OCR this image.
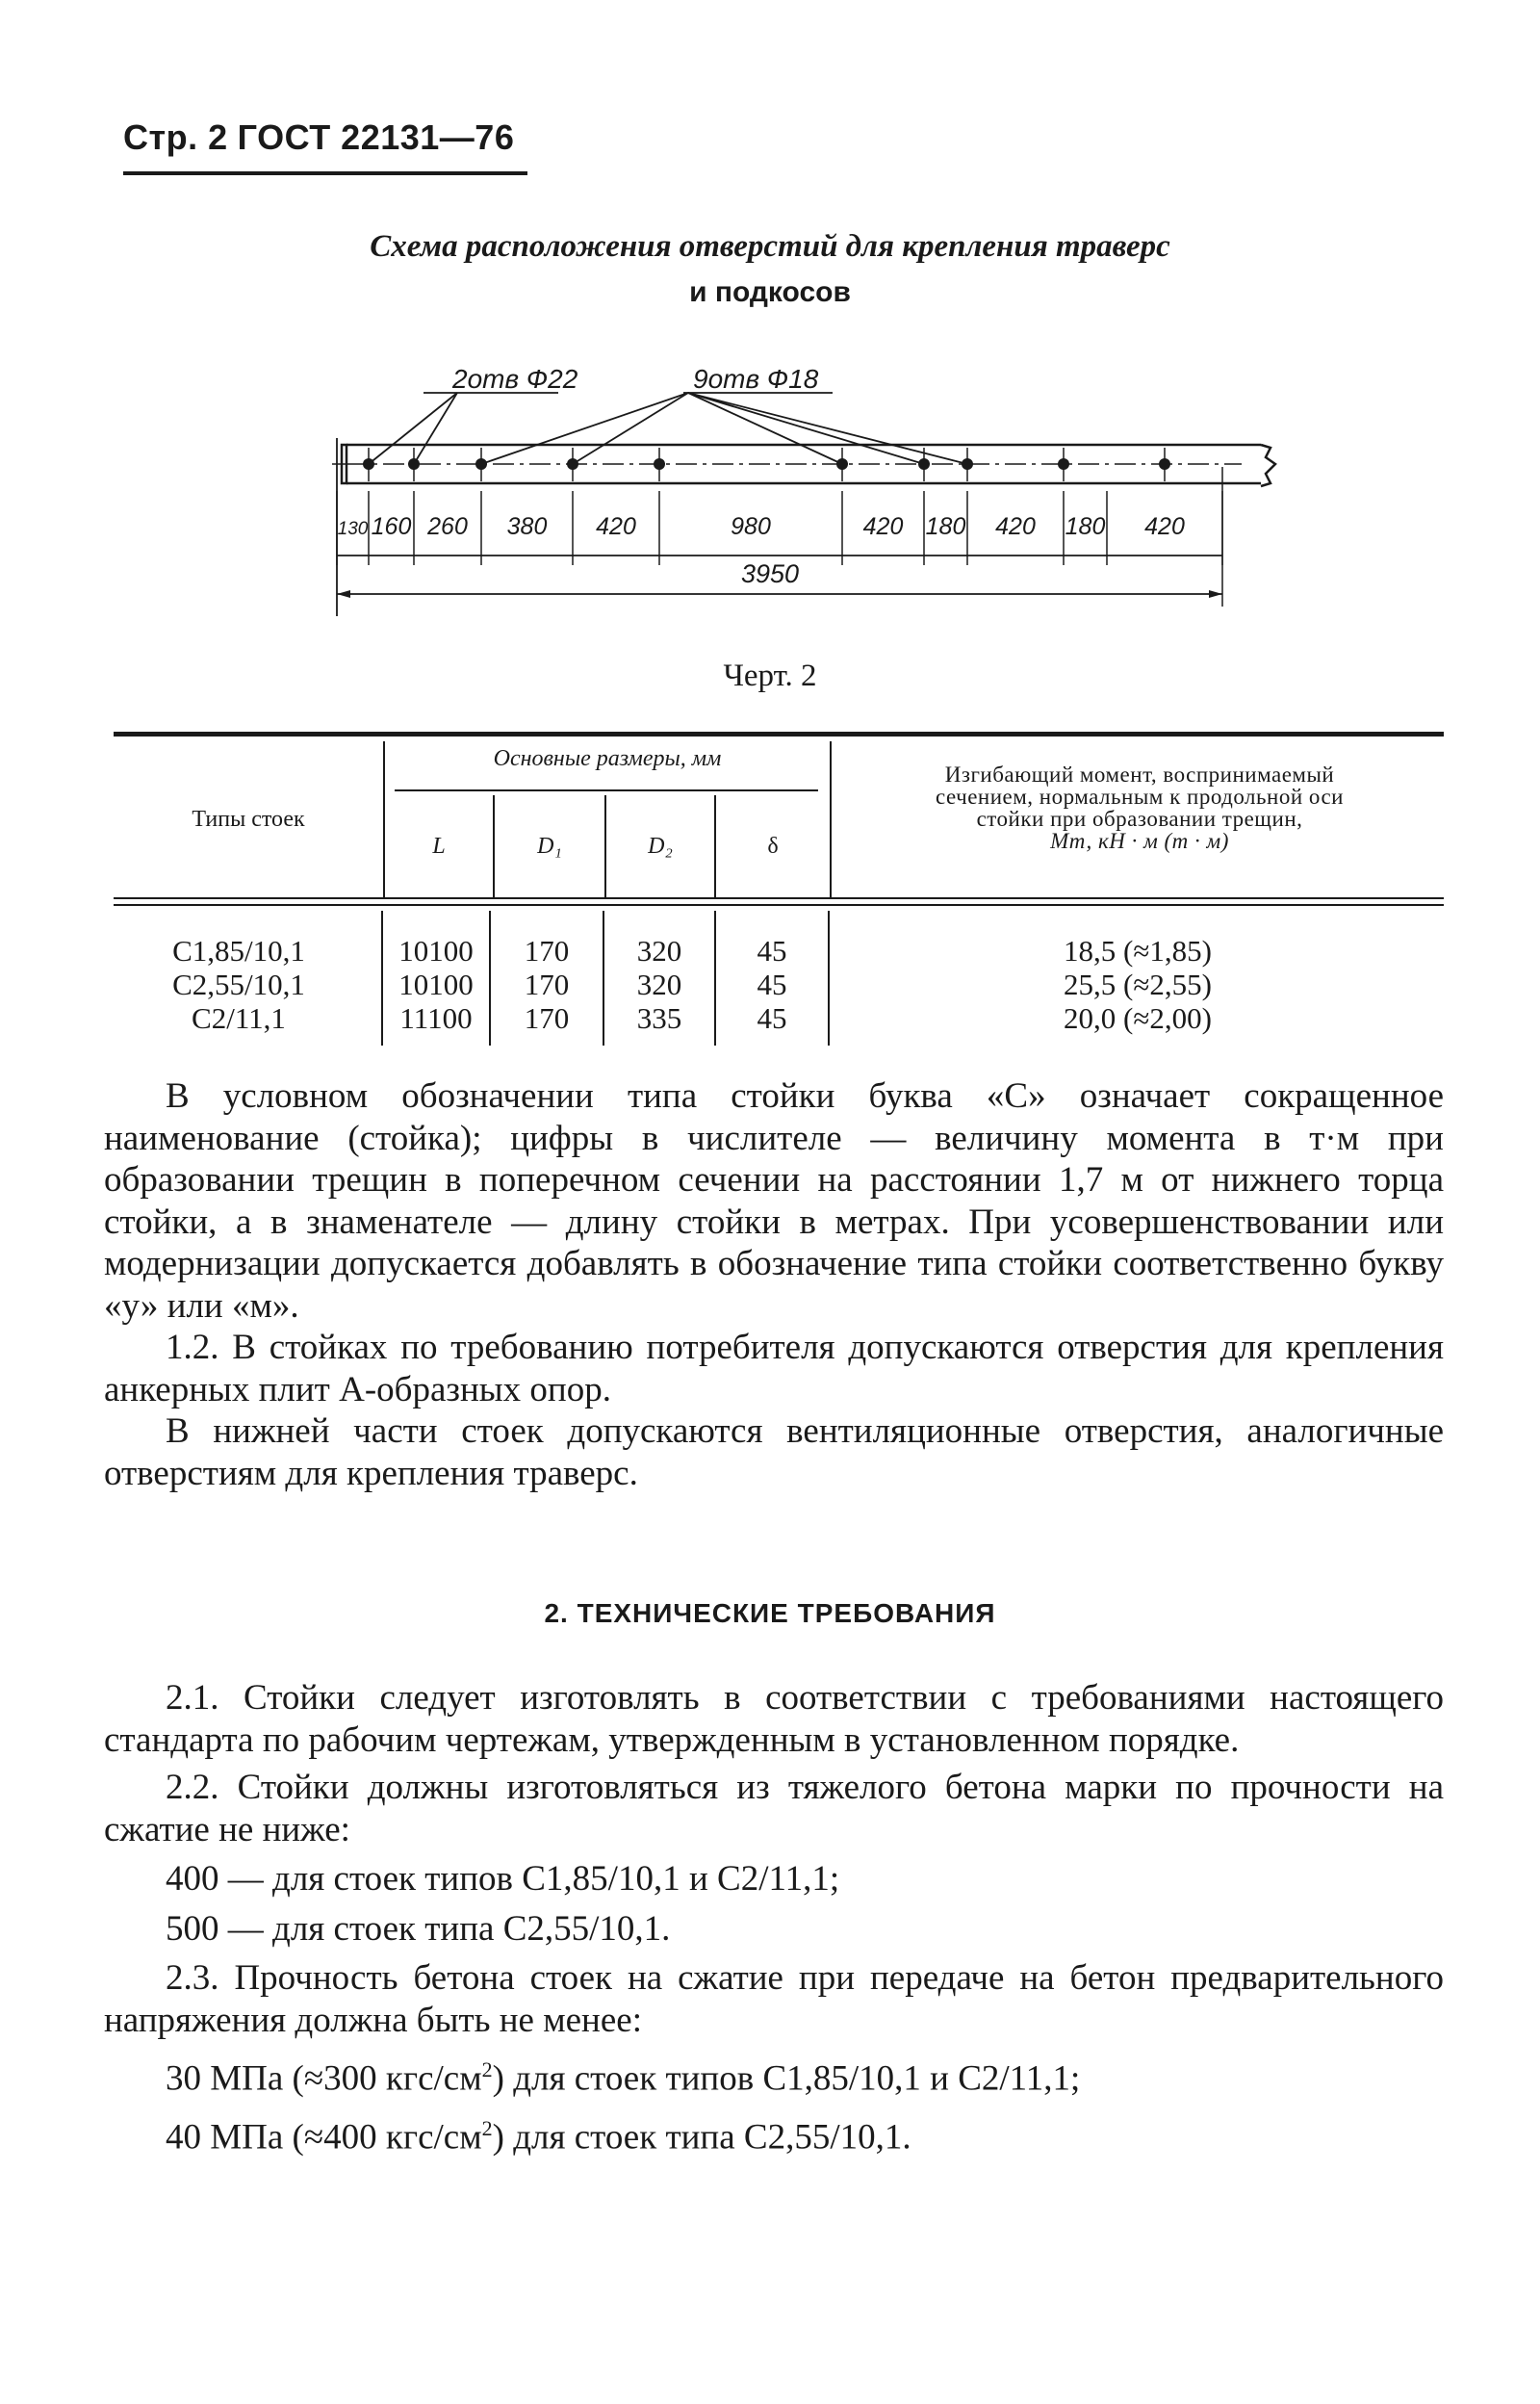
Стр. 2 ГОСТ 22131—76
Схема расположения отверстий для крепления траверс
и подкосов
2отв Ф22	9отв Ф18
130 160 260 380 420	980	420 180 420 180 420
3950
Черт. 2
Типы стоек
Основные размеры, мм
L	D₁	D₂	δ
Изгибающий момент, воспринимаемый
сечением, нормальным к продольной оси
стойки при образовании трещин,
Mт, кН · м (т · м)
С1,85/10,1	10100	170	320	45	18,5 (≈1,85)
С2,55/10,1	10100	170	320	45	25,5 (≈2,55)
С2/11,1	11100	170	335	45	20,0 (≈2,00)

В условном обозначении типа стойки буква «С» означает сокращенное наименование (стойка); цифры в числителе — величину момента в т·м при образовании трещин в поперечном сечении на расстоянии 1,7 м от нижнего торца стойки, а в знаменателе — длину стойки в метрах. При усовершенствовании или модернизации допускается добавлять в обозначение типа стойки соответственно букву «у» или «м».

1.2. В стойках по требованию потребителя допускаются отверстия для крепления анкерных плит А-образных опор.

В нижней части стоек допускаются вентиляционные отверстия, аналогичные отверстиям для крепления траверс.

2. ТЕХНИЧЕСКИЕ ТРЕБОВАНИЯ

2.1. Стойки следует изготовлять в соответствии с требованиями настоящего стандарта по рабочим чертежам, утвержденным в установленном порядке.

2.2. Стойки должны изготовляться из тяжелого бетона марки по прочности на сжатие не ниже:

400 — для стоек типов С1,85/10,1 и С2/11,1;

500 — для стоек типа С2,55/10,1.

2.3. Прочность бетона стоек на сжатие при передаче на бетон предварительного напряжения должна быть не менее:

30 МПа (≈300 кгс/$см^2$) для стоек типов С1,85/10,1 и С2/11,1;

40 МПа (≈400 кгс/$см^2$) для стоек типа С2,55/10,1.
